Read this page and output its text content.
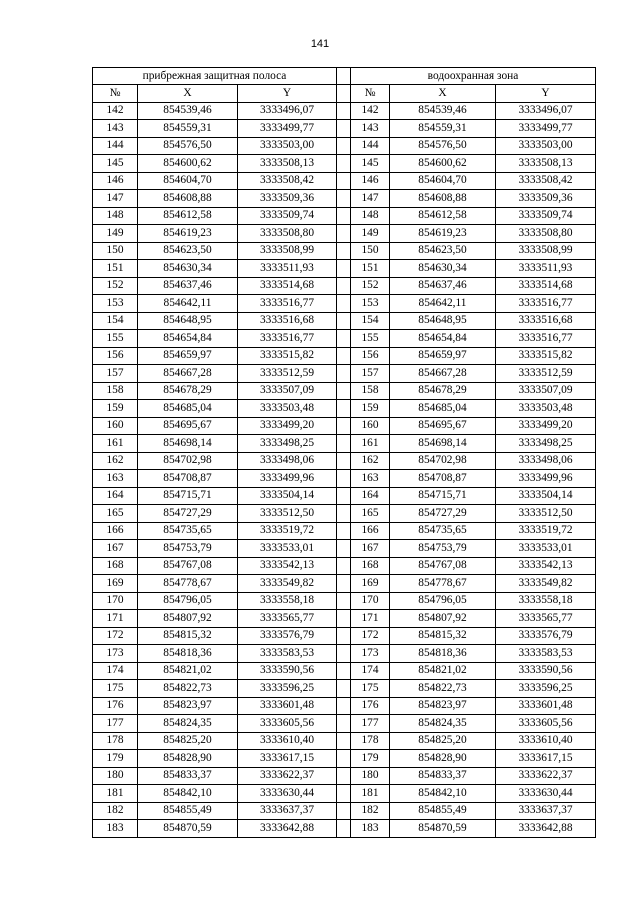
141
прибрежная защитная полоса				водоохранная зона		
№	X	Y		№	X	Y
142	854539,46	3333496,07		142	854539,46	3333496,07
143	854559,31	3333499,77		143	854559,31	3333499,77
144	854576,50	3333503,00		144	854576,50	3333503,00
145	854600,62	3333508,13		145	854600,62	3333508,13
146	854604,70	3333508,42		146	854604,70	3333508,42
147	854608,88	3333509,36		147	854608,88	3333509,36
148	854612,58	3333509,74		148	854612,58	3333509,74
149	854619,23	3333508,80		149	854619,23	3333508,80
150	854623,50	3333508,99		150	854623,50	3333508,99
151	854630,34	3333511,93		151	854630,34	3333511,93
152	854637,46	3333514,68		152	854637,46	3333514,68
153	854642,11	3333516,77		153	854642,11	3333516,77
154	854648,95	3333516,68		154	854648,95	3333516,68
155	854654,84	3333516,77		155	854654,84	3333516,77
156	854659,97	3333515,82		156	854659,97	3333515,82
157	854667,28	3333512,59		157	854667,28	3333512,59
158	854678,29	3333507,09		158	854678,29	3333507,09
159	854685,04	3333503,48		159	854685,04	3333503,48
160	854695,67	3333499,20		160	854695,67	3333499,20
161	854698,14	3333498,25		161	854698,14	3333498,25
162	854702,98	3333498,06		162	854702,98	3333498,06
163	854708,87	3333499,96		163	854708,87	3333499,96
164	854715,71	3333504,14		164	854715,71	3333504,14
165	854727,29	3333512,50		165	854727,29	3333512,50
166	854735,65	3333519,72		166	854735,65	3333519,72
167	854753,79	3333533,01		167	854753,79	3333533,01
168	854767,08	3333542,13		168	854767,08	3333542,13
169	854778,67	3333549,82		169	854778,67	3333549,82
170	854796,05	3333558,18		170	854796,05	3333558,18
171	854807,92	3333565,77		171	854807,92	3333565,77
172	854815,32	3333576,79		172	854815,32	3333576,79
173	854818,36	3333583,53		173	854818,36	3333583,53
174	854821,02	3333590,56		174	854821,02	3333590,56
175	854822,73	3333596,25		175	854822,73	3333596,25
176	854823,97	3333601,48		176	854823,97	3333601,48
177	854824,35	3333605,56		177	854824,35	3333605,56
178	854825,20	3333610,40		178	854825,20	3333610,40
179	854828,90	3333617,15		179	854828,90	3333617,15
180	854833,37	3333622,37		180	854833,37	3333622,37
181	854842,10	3333630,44		181	854842,10	3333630,44
182	854855,49	3333637,37		182	854855,49	3333637,37
183	854870,59	3333642,88		183	854870,59	3333642,88
